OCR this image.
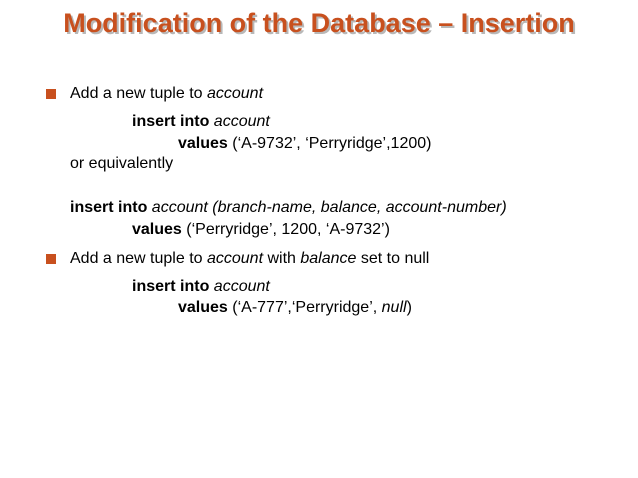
Modification of the Database – Insertion
Add a new tuple to account
insert into account
values (‘A-9732’, ‘Perryridge’,1200)
or equivalently
insert into account (branch-name, balance, account-number)
values (‘Perryridge’, 1200, ‘A-9732’)
Add a new tuple to account with balance set to null
insert into account
values (‘A-777’,‘Perryridge’, null)
